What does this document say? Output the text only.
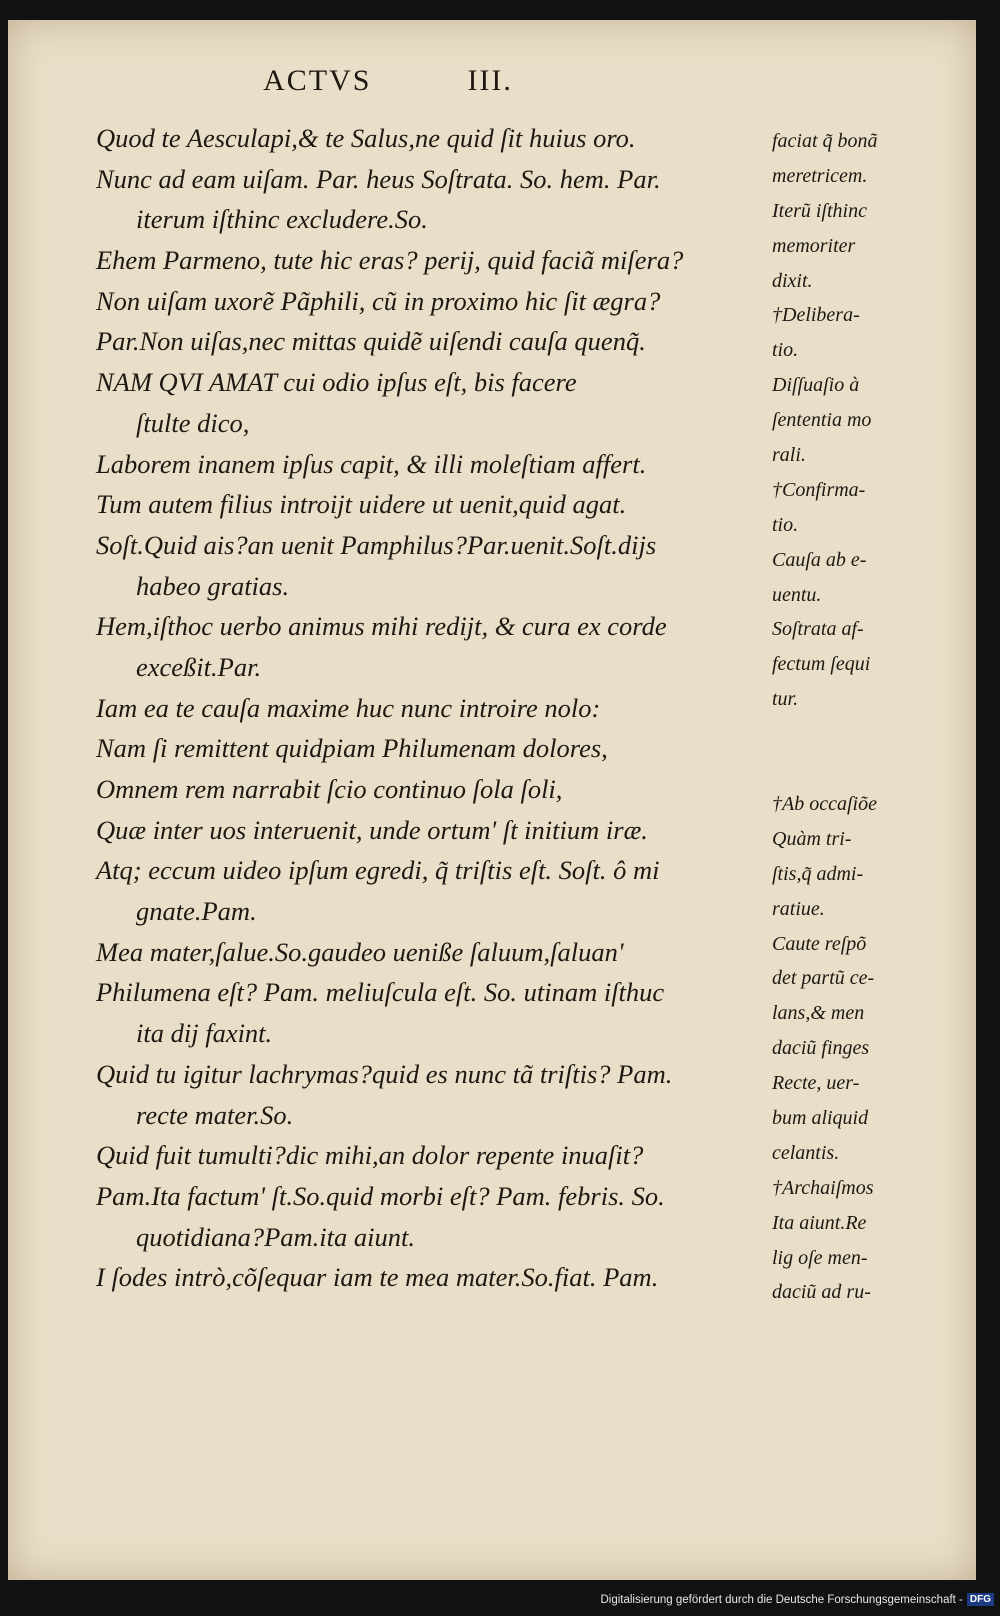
ACTVS	III.
Quod te Aesculapi,& te Salus,ne quid ſit huius oro.
Nunc ad eam uiſam. Par. heus Soſtrata. So. hem. Par.
iterum iſthinc excludere.So.
Ehem Parmeno, tute hic eras? perij, quid faciã miſera?
Non uiſam uxorẽ Pãphili, cũ in proximo hic ſit ægra?
Par.Non uiſas,nec mittas quidẽ uiſendi cauſa quenq̃.
NAM QVI AMAT cui odio ipſus eſt, bis facere
ſtulte dico,
Laborem inanem ipſus capit, & illi moleſtiam affert.
Tum autem filius introijt uidere ut uenit,quid agat.
Soſt.Quid ais?an uenit Pamphilus?Par.uenit.Soſt.dijs
habeo gratias.
Hem,iſthoc uerbo animus mihi redijt, & cura ex corde
exceßit.Par.
Iam ea te cauſa maxime huc nunc introire nolo:
Nam ſi remittent quidpiam Philumenam dolores,
Omnem rem narrabit ſcio continuo ſola ſoli,
Quæ inter uos interuenit, unde ortum' ſt initium iræ.
Atq; eccum uideo ipſum egredi, q̃ triſtis eſt. Soſt. ô mi
gnate.Pam.
Mea mater,ſalue.So.gaudeo ueniße ſaluum,ſaluan'
Philumena eſt? Pam. meliuſcula eſt. So. utinam iſthuc
ita dij faxint.
Quid tu igitur lachrymas?quid es nunc tã triſtis? Pam.
recte mater.So.
Quid fuit tumulti?dic mihi,an dolor repente inuaſit?
Pam.Ita factum' ſt.So.quid morbi eſt? Pam. febris. So.
quotidiana?Pam.ita aiunt.
I ſodes intrò,cõſequar iam te mea mater.So.fiat. Pam.
faciat q̃ bonã
meretricem.
Iterũ iſthinc
memoriter
dixit.
†Delibera-
tio.
Diſſuaſio à
ſententia mo
rali.
†Confirma-
tio.
Cauſa ab e-
uentu.
Soſtrata af-
fectum ſequi
tur.
†Ab occaſiõe
Quàm tri-
ſtis,q̃ admi-
ratiue.
Caute reſpõ
det partũ ce-
lans,& men
daciũ finges
Recte, uer-
bum aliquid
celantis.
†Archaiſmos
Ita aiunt.Re
lig oſe men-
daciũ ad ru-
Digitalisierung gefördert durch die Deutsche Forschungsgemeinschaft - DFG
